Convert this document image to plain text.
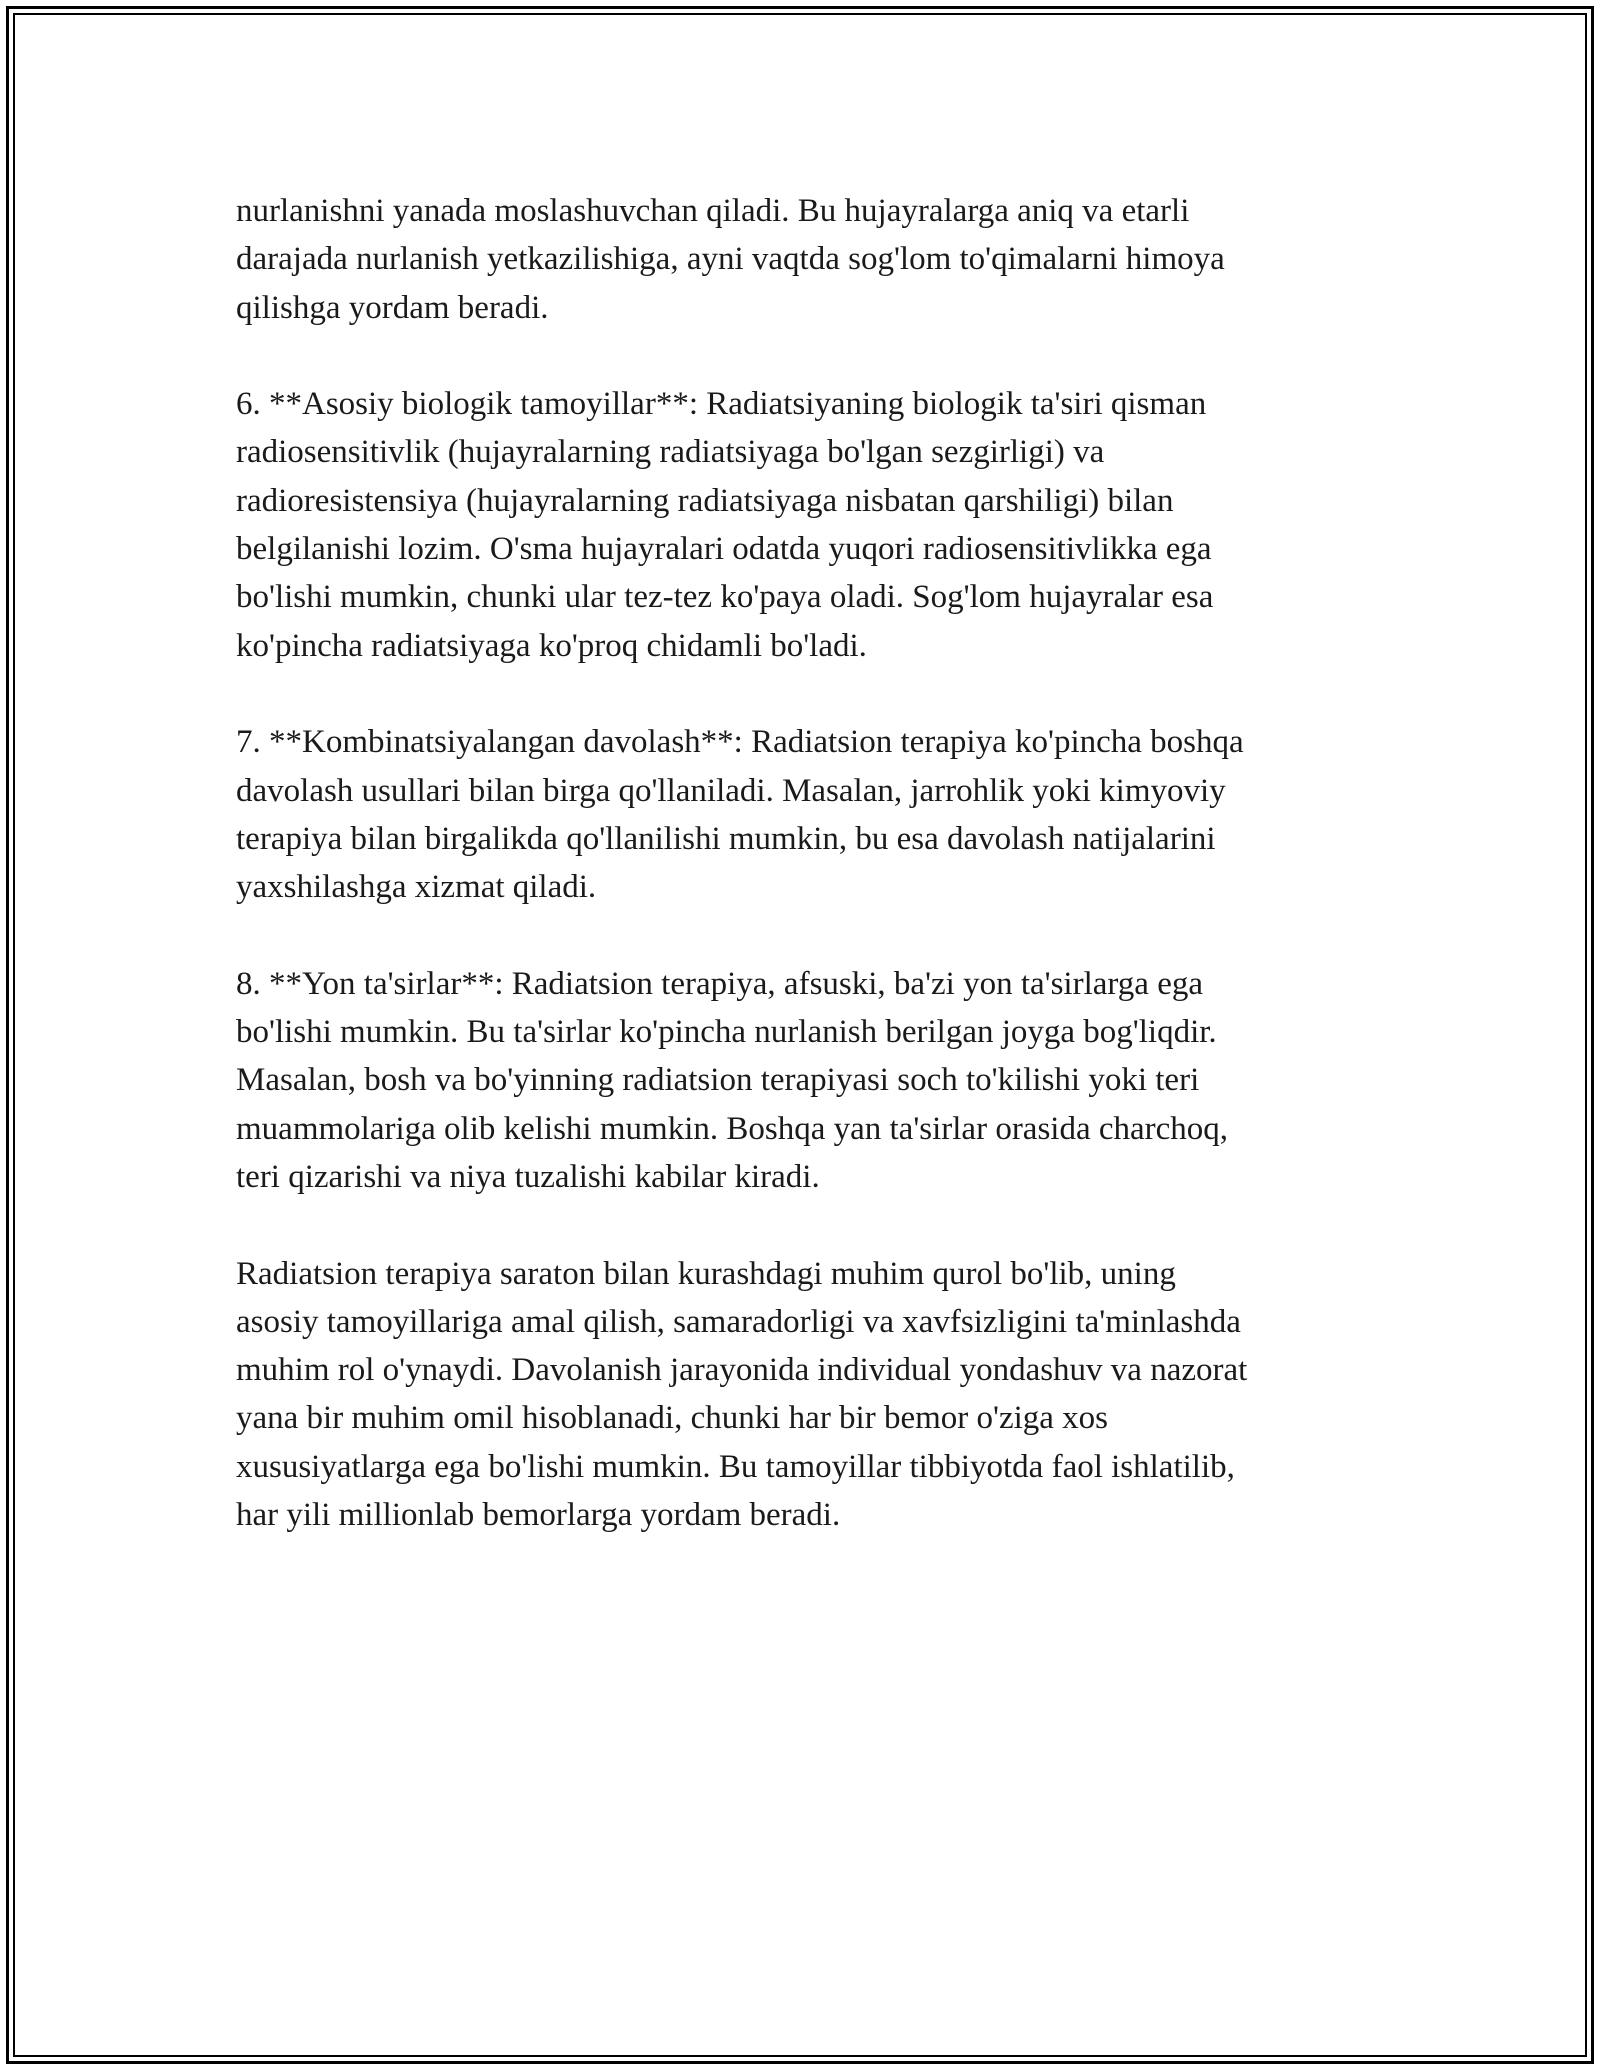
nurlanishni yanada moslashuvchan qiladi. Bu hujayralarga aniq va etarli
darajada nurlanish yetkazilishiga, ayni vaqtda sog'lom to'qimalarni himoya
qilishga yordam beradi.

6. **Asosiy biologik tamoyillar**: Radiatsiyaning biologik ta'siri qisman
radiosensitivlik (hujayralarning radiatsiyaga bo'lgan sezgirligi) va
radioresistensiya (hujayralarning radiatsiyaga nisbatan qarshiligi) bilan
belgilanishi lozim. O'sma hujayralari odatda yuqori radiosensitivlikka ega
bo'lishi mumkin, chunki ular tez-tez ko'paya oladi. Sog'lom hujayralar esa
ko'pincha radiatsiyaga ko'proq chidamli bo'ladi.

7. **Kombinatsiyalangan davolash**: Radiatsion terapiya ko'pincha boshqa
davolash usullari bilan birga qo'llaniladi. Masalan, jarrohlik yoki kimyoviy
terapiya bilan birgalikda qo'llanilishi mumkin, bu esa davolash natijalarini
yaxshilashga xizmat qiladi.

8. **Yon ta'sirlar**: Radiatsion terapiya, afsuski, ba'zi yon ta'sirlarga ega
bo'lishi mumkin. Bu ta'sirlar ko'pincha nurlanish berilgan joyga bog'liqdir.
Masalan, bosh va bo'yinning radiatsion terapiyasi soch to'kilishi yoki teri
muammolariga olib kelishi mumkin. Boshqa yan ta'sirlar orasida charchoq,
teri qizarishi va niya tuzalishi kabilar kiradi.

Radiatsion terapiya saraton bilan kurashdagi muhim qurol bo'lib, uning
asosiy tamoyillariga amal qilish, samaradorligi va xavfsizligini ta'minlashda
muhim rol o'ynaydi. Davolanish jarayonida individual yondashuv va nazorat
yana bir muhim omil hisoblanadi, chunki har bir bemor o'ziga xos
xususiyatlarga ega bo'lishi mumkin. Bu tamoyillar tibbiyotda faol ishlatilib,
har yili millionlab bemorlarga yordam beradi.
